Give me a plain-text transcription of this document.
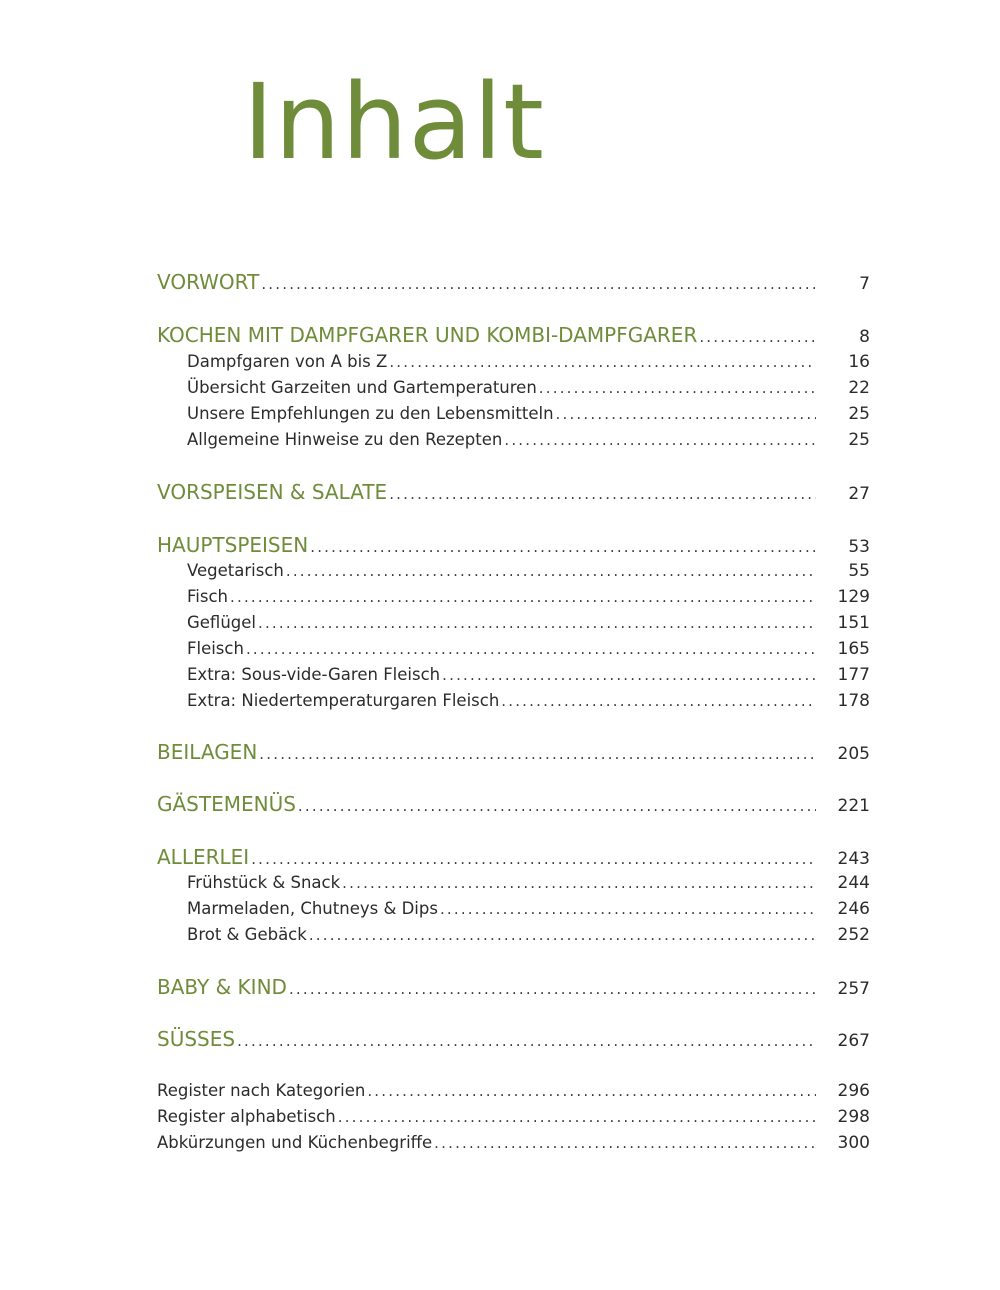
Inhalt
VORWORT .....	7
KOCHEN MIT DAMPFGARER UND KOMBI-DAMPFGARER .....	8
Dampfgaren von A bis Z .....	16
Übersicht Garzeiten und Gartemperaturen .....	22
Unsere Empfehlungen zu den Lebensmitteln .....	25
Allgemeine Hinweise zu den Rezepten .....	25
VORSPEISEN & SALATE .....	27
HAUPTSPEISEN .....	53
Vegetarisch .....	55
Fisch .....	129
Geflügel .....	151
Fleisch .....	165
Extra: Sous-vide-Garen Fleisch .....	177
Extra: Niedertemperaturgaren Fleisch .....	178
BEILAGEN .....	205
GÄSTEMENÜS .....	221
ALLERLEI .....	243
Frühstück & Snack .....	244
Marmeladen, Chutneys & Dips .....	246
Brot & Gebäck .....	252
BABY & KIND .....	257
SÜSSES .....	267
Register nach Kategorien .....	296
Register alphabetisch .....	298
Abkürzungen und Küchenbegriffe .....	300
